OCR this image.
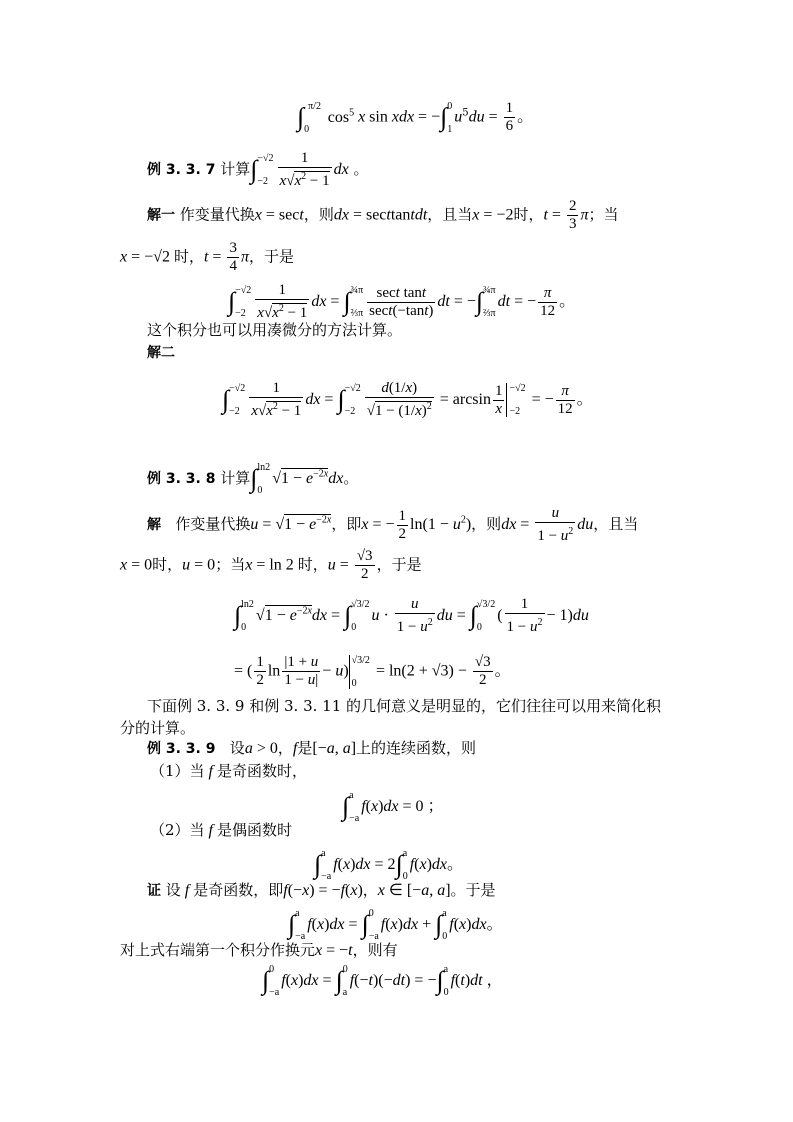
∫ π/2
0
$\cos^5 x$ sin xdx = −∫ 0
1
$u^5du = \frac{1}{6}$ 。
例 3. 3. 7 计算∫ −√2
$-2 \frac{1}{x√x^2 - 1}$ dx 。
解一 作变量代换x = sect，则dx = secttantdt，且当x = −2时，$t = \frac{2}{3}$ π；当
x = −√2 时，$t = \frac{3}{4}$ π，于是
∫ −√2
$-2 \frac{1}{x√x^2 - 1}$ dx = ∫ ¾π
⅔π $\frac{\text{sect tant}}{\sec t(-\tan t)}$ dt = −∫ ¾π
⅔π
dt = − $\frac{\pi}{12}$ 。
这个积分也可以用凑微分的方法计算。
解二
∫ −√2
$-2 \frac{1}{x√x^2 - 1}$ dx = ∫ −√2
$-2 \frac{d(1/x)}{√1 - (1/x)^2} = \arcsin \frac{1}{x} -√2$
−2
= − $\frac{\pi}{12}$ 。
例 3. 3. 8 计算∫ ln2
0
$√1 - e^{-2x}dx$。
解 作变量代换$u = √1 - e^{-2x}$，即x = − $\frac{1}{2} \ln(1 - u^2)$，则dx = $\frac{u}{1 - u^2}$ du，且当
x = 0时，u = 0；当x = ln 2 时，$u = \frac{√3}{2}$ ，于是
∫ ln2
0
$√1 - e^{-2x}dx$ = ∫ √3/2
0
$u \cdot \frac{u}{1 - u^2}$ du = ∫ √3/2
0
( $\frac{1}{1 - u^2} - 1)du$
= ( $\frac{1}{2}$ $\ln \frac{|1 + u}{1 - u|} - u$)
√3/2
0
= $\ln(2 + √3) - \frac{√3}{2}$ 。
下面例 3. 3. 9 和例 3. 3. 11 的几何意义是明显的，它们往往可以用来简化积
分的计算。
例 3. 3. 9 设a > 0，f是[−a, a]上的连续函数，则
（1）当 f 是奇函数时，
∫ a
−a
f(x)dx = 0 ；
（2）当 f 是偶函数时
∫ a
−a
f(x)dx = 2∫ a
0
f(x)dx。
证 设 f 是奇函数，即f(−x) = −f(x)，x ∈ [−a, a]。于是
∫ a
−a
f(x)dx = ∫ 0
−a
f(x)dx + ∫ a
0
f(x)dx。
对上式右端第一个积分作换元x = −t，则有
∫ 0
−a
f(x)dx = ∫ 0
a
f(−t)(−dt) = −∫ a
0
f(t)dt ，
